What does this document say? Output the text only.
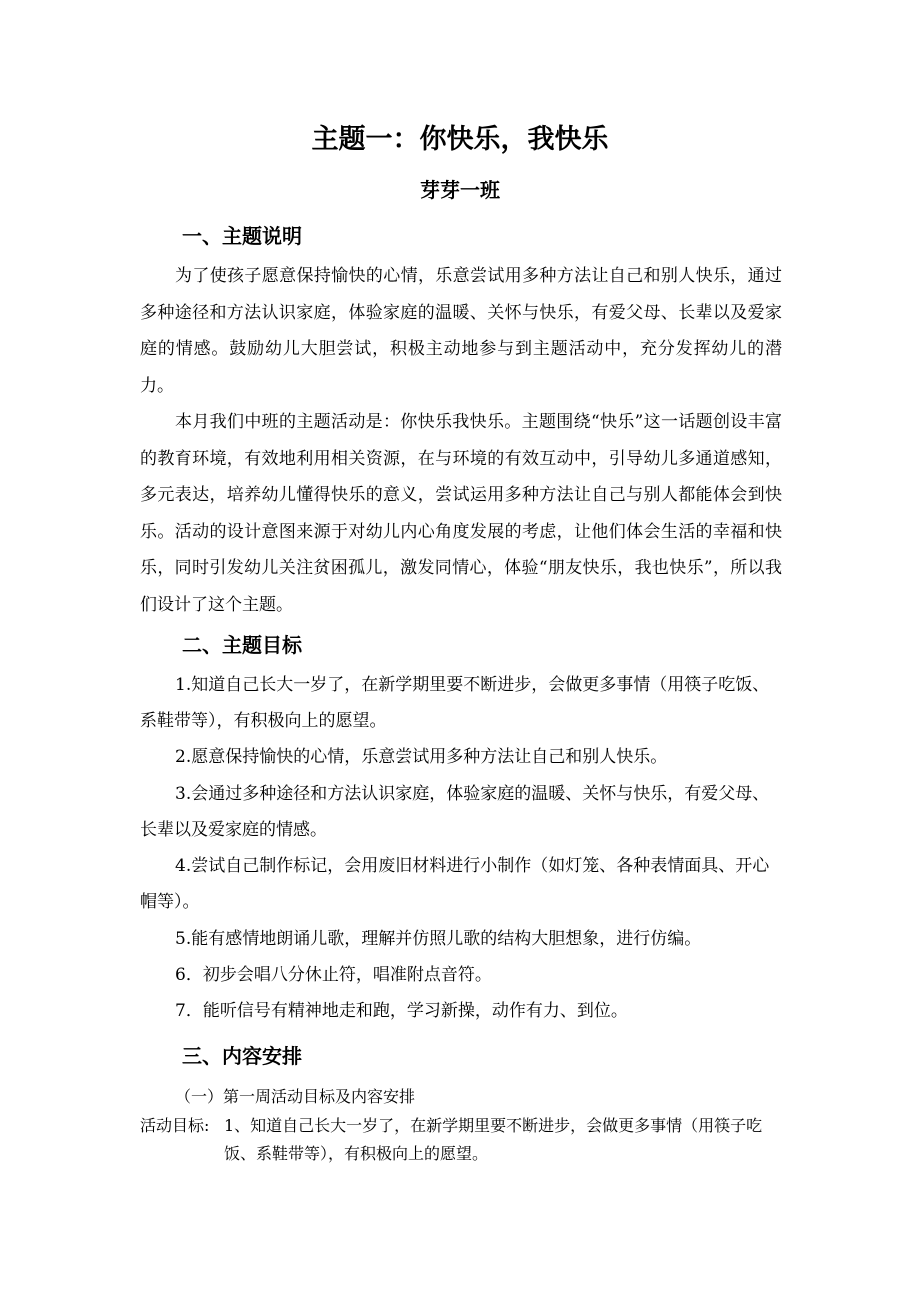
主题一：你快乐，我快乐
芽芽一班
一、主题说明

为了使孩子愿意保持愉快的心情，乐意尝试用多种方法让自己和别人快乐，通过多种途径和方法认识家庭，体验家庭的温暖、关怀与快乐，有爱父母、长辈以及爱家庭的情感。鼓励幼儿大胆尝试，积极主动地参与到主题活动中，充分发挥幼儿的潜力。

本月我们中班的主题活动是：你快乐我快乐。主题围绕“快乐”这一话题创设丰富的教育环境，有效地利用相关资源，在与环境的有效互动中，引导幼儿多通道感知，多元表达，培养幼儿懂得快乐的意义，尝试运用多种方法让自己与别人都能体会到快乐。活动的设计意图来源于对幼儿内心角度发展的考虑，让他们体会生活的幸福和快乐，同时引发幼儿关注贫困孤儿，激发同情心，体验“朋友快乐，我也快乐”，所以我们设计了这个主题。

二、主题目标

1.知道自己长大一岁了，在新学期里要不断进步，会做更多事情（用筷子吃饭、系鞋带等），有积极向上的愿望。

2.愿意保持愉快的心情，乐意尝试用多种方法让自己和别人快乐。

3.会通过多种途径和方法认识家庭，体验家庭的温暖、关怀与快乐，有爱父母、长辈以及爱家庭的情感。

4.尝试自己制作标记，会用废旧材料进行小制作（如灯笼、各种表情面具、开心帽等）。

5.能有感情地朗诵儿歌，理解并仿照儿歌的结构大胆想象，进行仿编。

6．初步会唱八分休止符，唱准附点音符。

7．能听信号有精神地走和跑，学习新操，动作有力、到位。

三、内容安排
（一）第一周活动目标及内容安排
活动目标: 1、知道自己长大一岁了，在新学期里要不断进步，会做更多事情（用筷子吃饭、系鞋带等），有积极向上的愿望。
